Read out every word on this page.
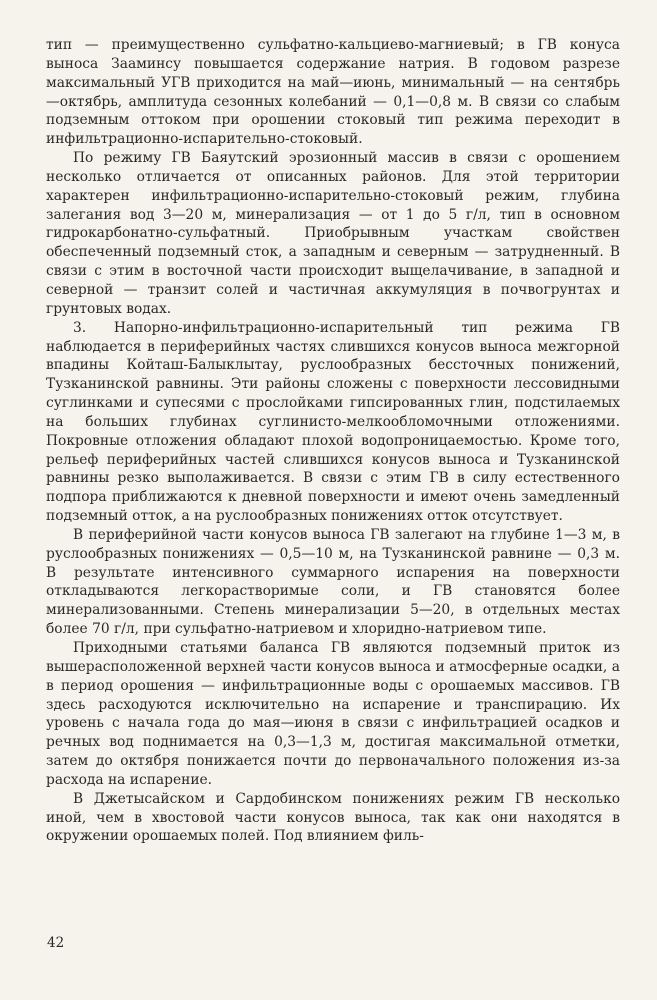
тип — преимущественно сульфатно-кальциево-магниевый; в ГВ конуса выноса Зааминсу повышается содержание натрия. В годовом разрезе максимальный УГВ приходится на май—июнь, минимальный — на сентябрь—октябрь, амплитуда сезонных колебаний — 0,1—0,8 м. В связи со слабым подземным оттоком при орошении стоковый тип режима переходит в инфильтрационно-испарительно-стоковый.

По режиму ГВ Баяутский эрозионный массив в связи с орошением несколько отличается от описанных районов. Для этой территории характерен инфильтрационно-испарительно-стоковый режим, глубина залегания вод 3—20 м, минерализация — от 1 до 5 г/л, тип в основном гидрокарбонатно-сульфатный. Приобрывным участкам свойствен обеспеченный подземный сток, а западным и северным — затрудненный. В связи с этим в восточной части происходит выщелачивание, в западной и северной — транзит солей и частичная аккумуляция в почвогрунтах и грунтовых водах.

3. Напорно-инфильтрационно-испарительный тип режима ГВ наблюдается в периферийных частях слившихся конусов выноса межгорной впадины Койташ-Балыклытау, руслообразных бессточных понижений, Тузканинской равнины. Эти районы сложены с поверхности лессовидными суглинками и супесями с прослойками гипсированных глин, подстилаемых на больших глубинах суглинисто-мелкообломочными отложениями. Покровные отложения обладают плохой водопроницаемостью. Кроме того, рельеф периферийных частей слившихся конусов выноса и Тузканинской равнины резко выполаживается. В связи с этим ГВ в силу естественного подпора приближаются к дневной поверхности и имеют очень замедленный подземный отток, а на руслообразных понижениях отток отсутствует.

В периферийной части конусов выноса ГВ залегают на глубине 1—3 м, в руслообразных понижениях — 0,5—10 м, на Тузканинской равнине — 0,3 м. В результате интенсивного суммарного испарения на поверхности откладываются легкорастворимые соли, и ГВ становятся более минерализованными. Степень минерализации 5—20, в отдельных местах более 70 г/л, при сульфатно-натриевом и хлоридно-натриевом типе.

Приходными статьями баланса ГВ являются подземный приток из вышерасположенной верхней части конусов выноса и атмосферные осадки, а в период орошения — инфильтрационные воды с орошаемых массивов. ГВ здесь расходуются исключительно на испарение и транспирацию. Их уровень с начала года до мая—июня в связи с инфильтрацией осадков и речных вод поднимается на 0,3—1,3 м, достигая максимальной отметки, затем до октября понижается почти до первоначального положения из-за расхода на испарение.

В Джетысайском и Сардобинском понижениях режим ГВ несколько иной, чем в хвостовой части конусов выноса, так как они находятся в окружении орошаемых полей. Под влиянием филь-

42
